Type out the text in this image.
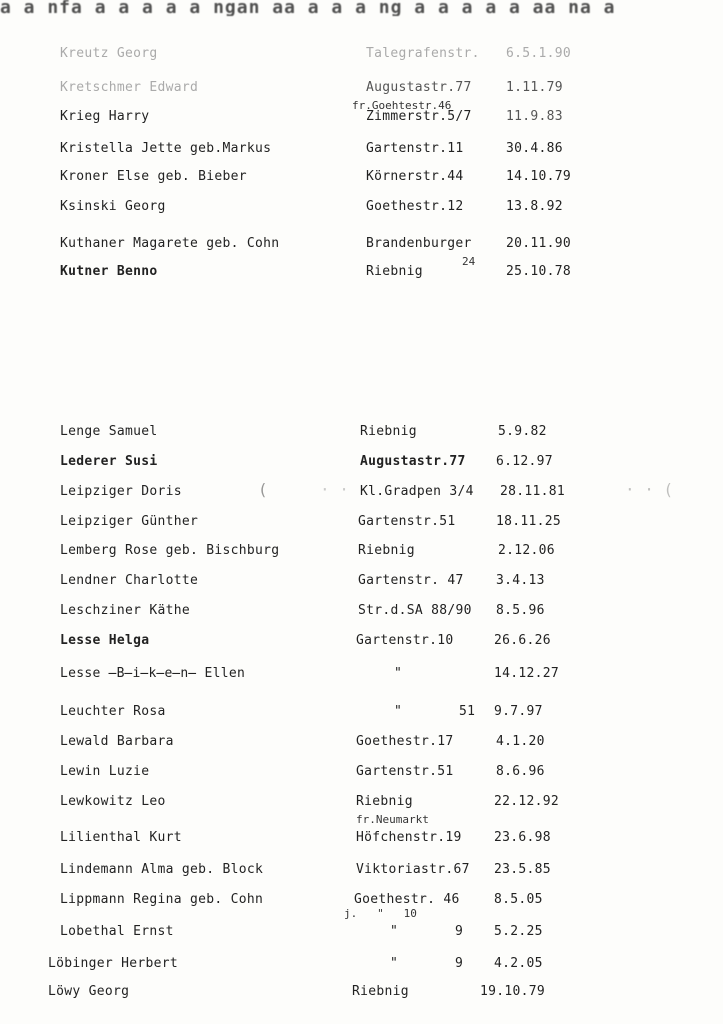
a a nfa a a a a a ngan aa a a a ng a a a a a aa na a
Kreutz Georg	Talegrafenstr. 6.5.1.90
Kretschmer Edward	Augustastr.77	1.11.79
fr.Goehtestr.46
Krieg Harry	Zimmerstr.5/7	11.9.83
Kristella Jette geb.Markus	Gartenstr.11	30.4.86
Kroner Else geb. Bieber	Körnerstr.44	14.10.79
Ksinski Georg	Goethestr.12	13.8.92
Kuthaner Magarete geb. Cohn	Brandenburger	20.11.90
24
Kutner Benno	Riebnig	25.10.78
Lenge Samuel	Riebnig	5.9.82
Lederer Susi	Augustastr.77 6.12.97
(	· · ·	· · (
Leipziger Doris	Kl.Gradpen 3/4 28.11.81
Leipziger Günther	Gartenstr.51	18.11.25
Lemberg Rose geb. Bischburg	Riebnig	2.12.06
Lendner Charlotte	Gartenstr. 47 3.4.13
Leschziner Käthe	Str.d.SA 88/90 8.5.96
Lesse Helga	Gartenstr.10	26.6.26
Lesse ̶B̶i̶k̶e̶n̶ Ellen	"	14.12.27
Leuchter Rosa	"       51 9.7.97
Lewald Barbara	Goethestr.17	4.1.20
Lewin Luzie	Gartenstr.51	8.6.96
Lewkowitz Leo	Riebnig	22.12.92
fr.Neumarkt
Lilienthal Kurt	Höfchenstr.19 23.6.98
Lindemann Alma geb. Block	Viktoriastr.67 23.5.85
Lippmann Regina geb. Cohn	Goethestr. 46	8.5.05
j.   "   10
Lobethal Ernst	"       9 5.2.25
Löbinger Herbert	"       9 4.2.05
Löwy Georg	Riebnig	19.10.79
